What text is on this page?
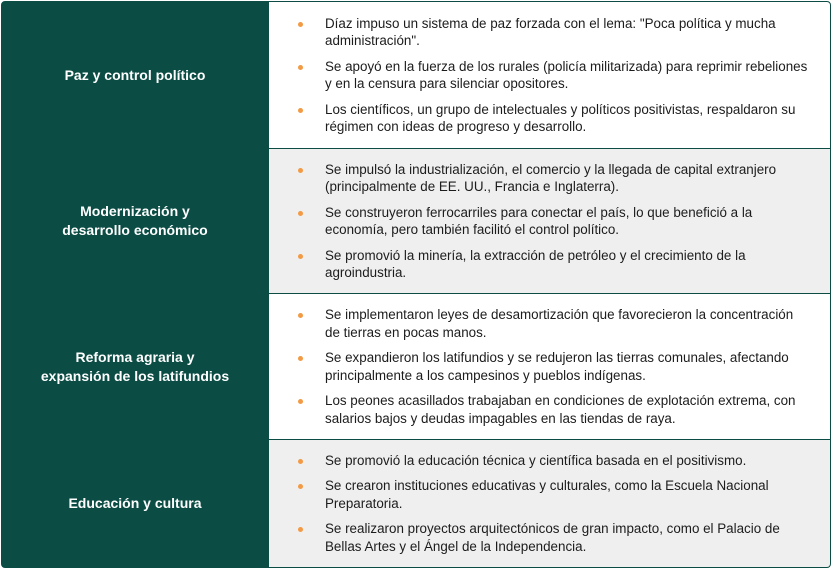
Paz y control político
Díaz impuso un sistema de paz forzada con el lema: "Poca política y mucha administración".
Se apoyó en la fuerza de los rurales (policía militarizada) para reprimir rebeliones y en la censura para silenciar opositores.
Los científicos, un grupo de intelectuales y políticos positivistas, respaldaron su régimen con ideas de progreso y desarrollo.
Modernización y
desarrollo económico
Se impulsó la industrialización, el comercio y la llegada de capital extranjero (principalmente de EE. UU., Francia e Inglaterra).
Se construyeron ferrocarriles para conectar el país, lo que benefició a la economía, pero también facilitó el control político.
Se promovió la minería, la extracción de petróleo y el crecimiento de la agroindustria.
Reforma agraria y
expansión de los latifundios
Se implementaron leyes de desamortización que favorecieron la concentración de tierras en pocas manos.
Se expandieron los latifundios y se redujeron las tierras comunales, afectando principalmente a los campesinos y pueblos indígenas.
Los peones acasillados trabajaban en condiciones de explotación extrema, con salarios bajos y deudas impagables en las tiendas de raya.
Educación y cultura
Se promovió la educación técnica y científica basada en el positivismo.
Se crearon instituciones educativas y culturales, como la Escuela Nacional Preparatoria.
Se realizaron proyectos arquitectónicos de gran impacto, como el Palacio de Bellas Artes y el Ángel de la Independencia.
